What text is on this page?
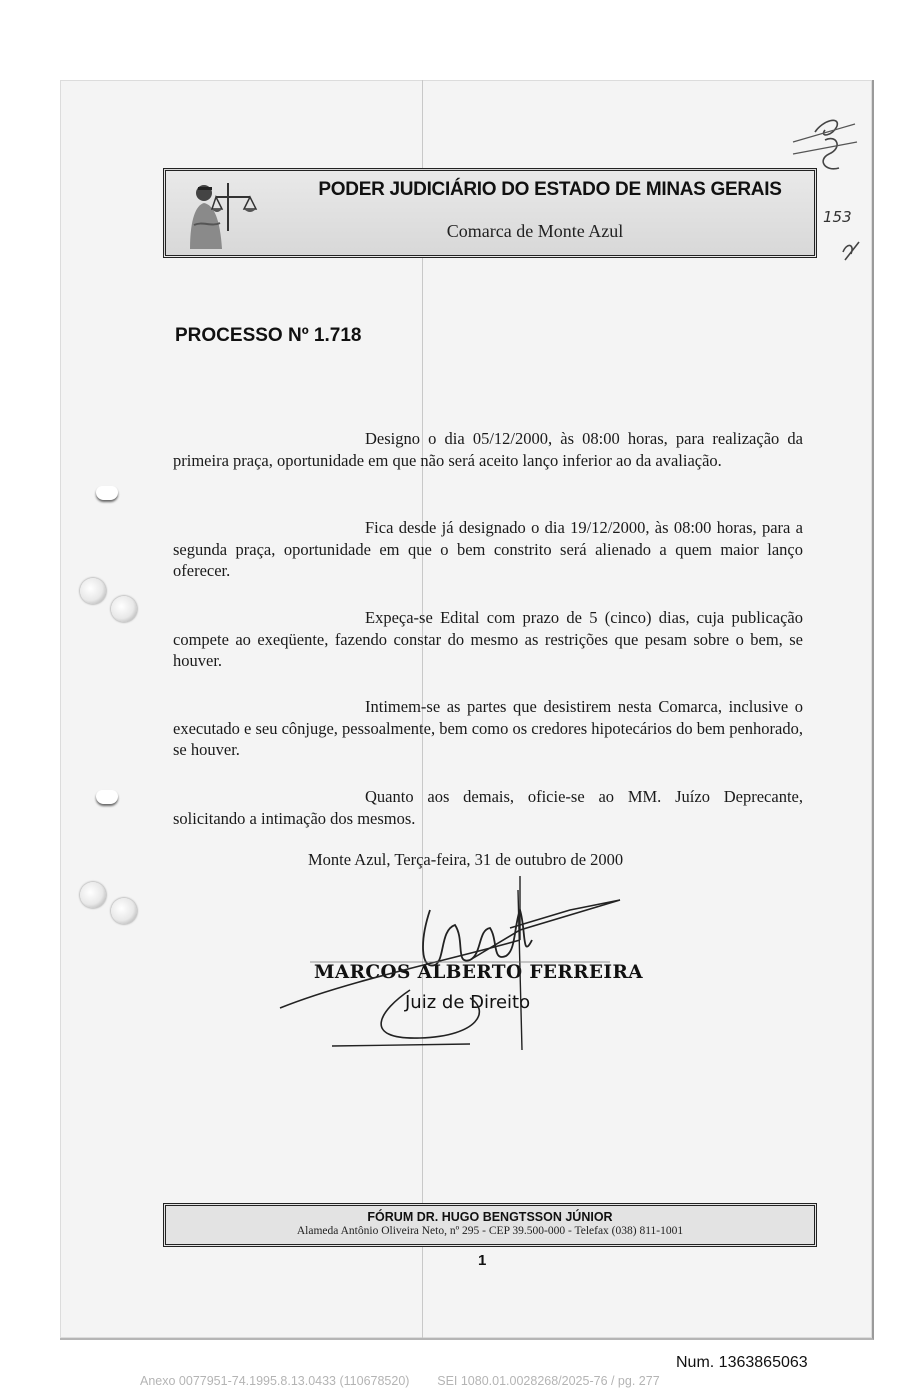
153
PODER JUDICIÁRIO DO ESTADO DE MINAS GERAIS
Comarca de Monte Azul
PROCESSO Nº 1.718
Designo o dia 05/12/2000, às 08:00 horas, para realização da primeira praça, oportunidade em que não será aceito lanço inferior ao da avaliação.
Fica desde já designado o dia 19/12/2000, às 08:00 horas, para a segunda praça, oportunidade em que o bem constrito será alienado a quem maior lanço oferecer.
Expeça-se Edital com prazo de 5 (cinco) dias, cuja publicação compete ao exeqüente, fazendo constar do mesmo as restrições que pesam sobre o bem, se houver.
Intimem-se as partes que desistirem nesta Comarca, inclusive o executado e seu cônjuge, pessoalmente, bem como os credores hipotecários do bem penhorado, se houver.
Quanto aos demais, oficie-se ao MM. Juízo Deprecante, solicitando a intimação dos mesmos.
Monte Azul, Terça-feira, 31 de outubro de 2000
MARCOS ALBERTO FERREIRA
Juiz de Direito
FÓRUM DR. HUGO BENGTSSON JÚNIOR
Alameda Antônio Oliveira Neto, nº 295 - CEP 39.500-000 - Telefax (038) 811-1001
1
Num. 1363865063
Anexo 0077951-74.1995.8.13.0433 (110678520)        SEI 1080.01.0028268/2025-76 / pg. 277
